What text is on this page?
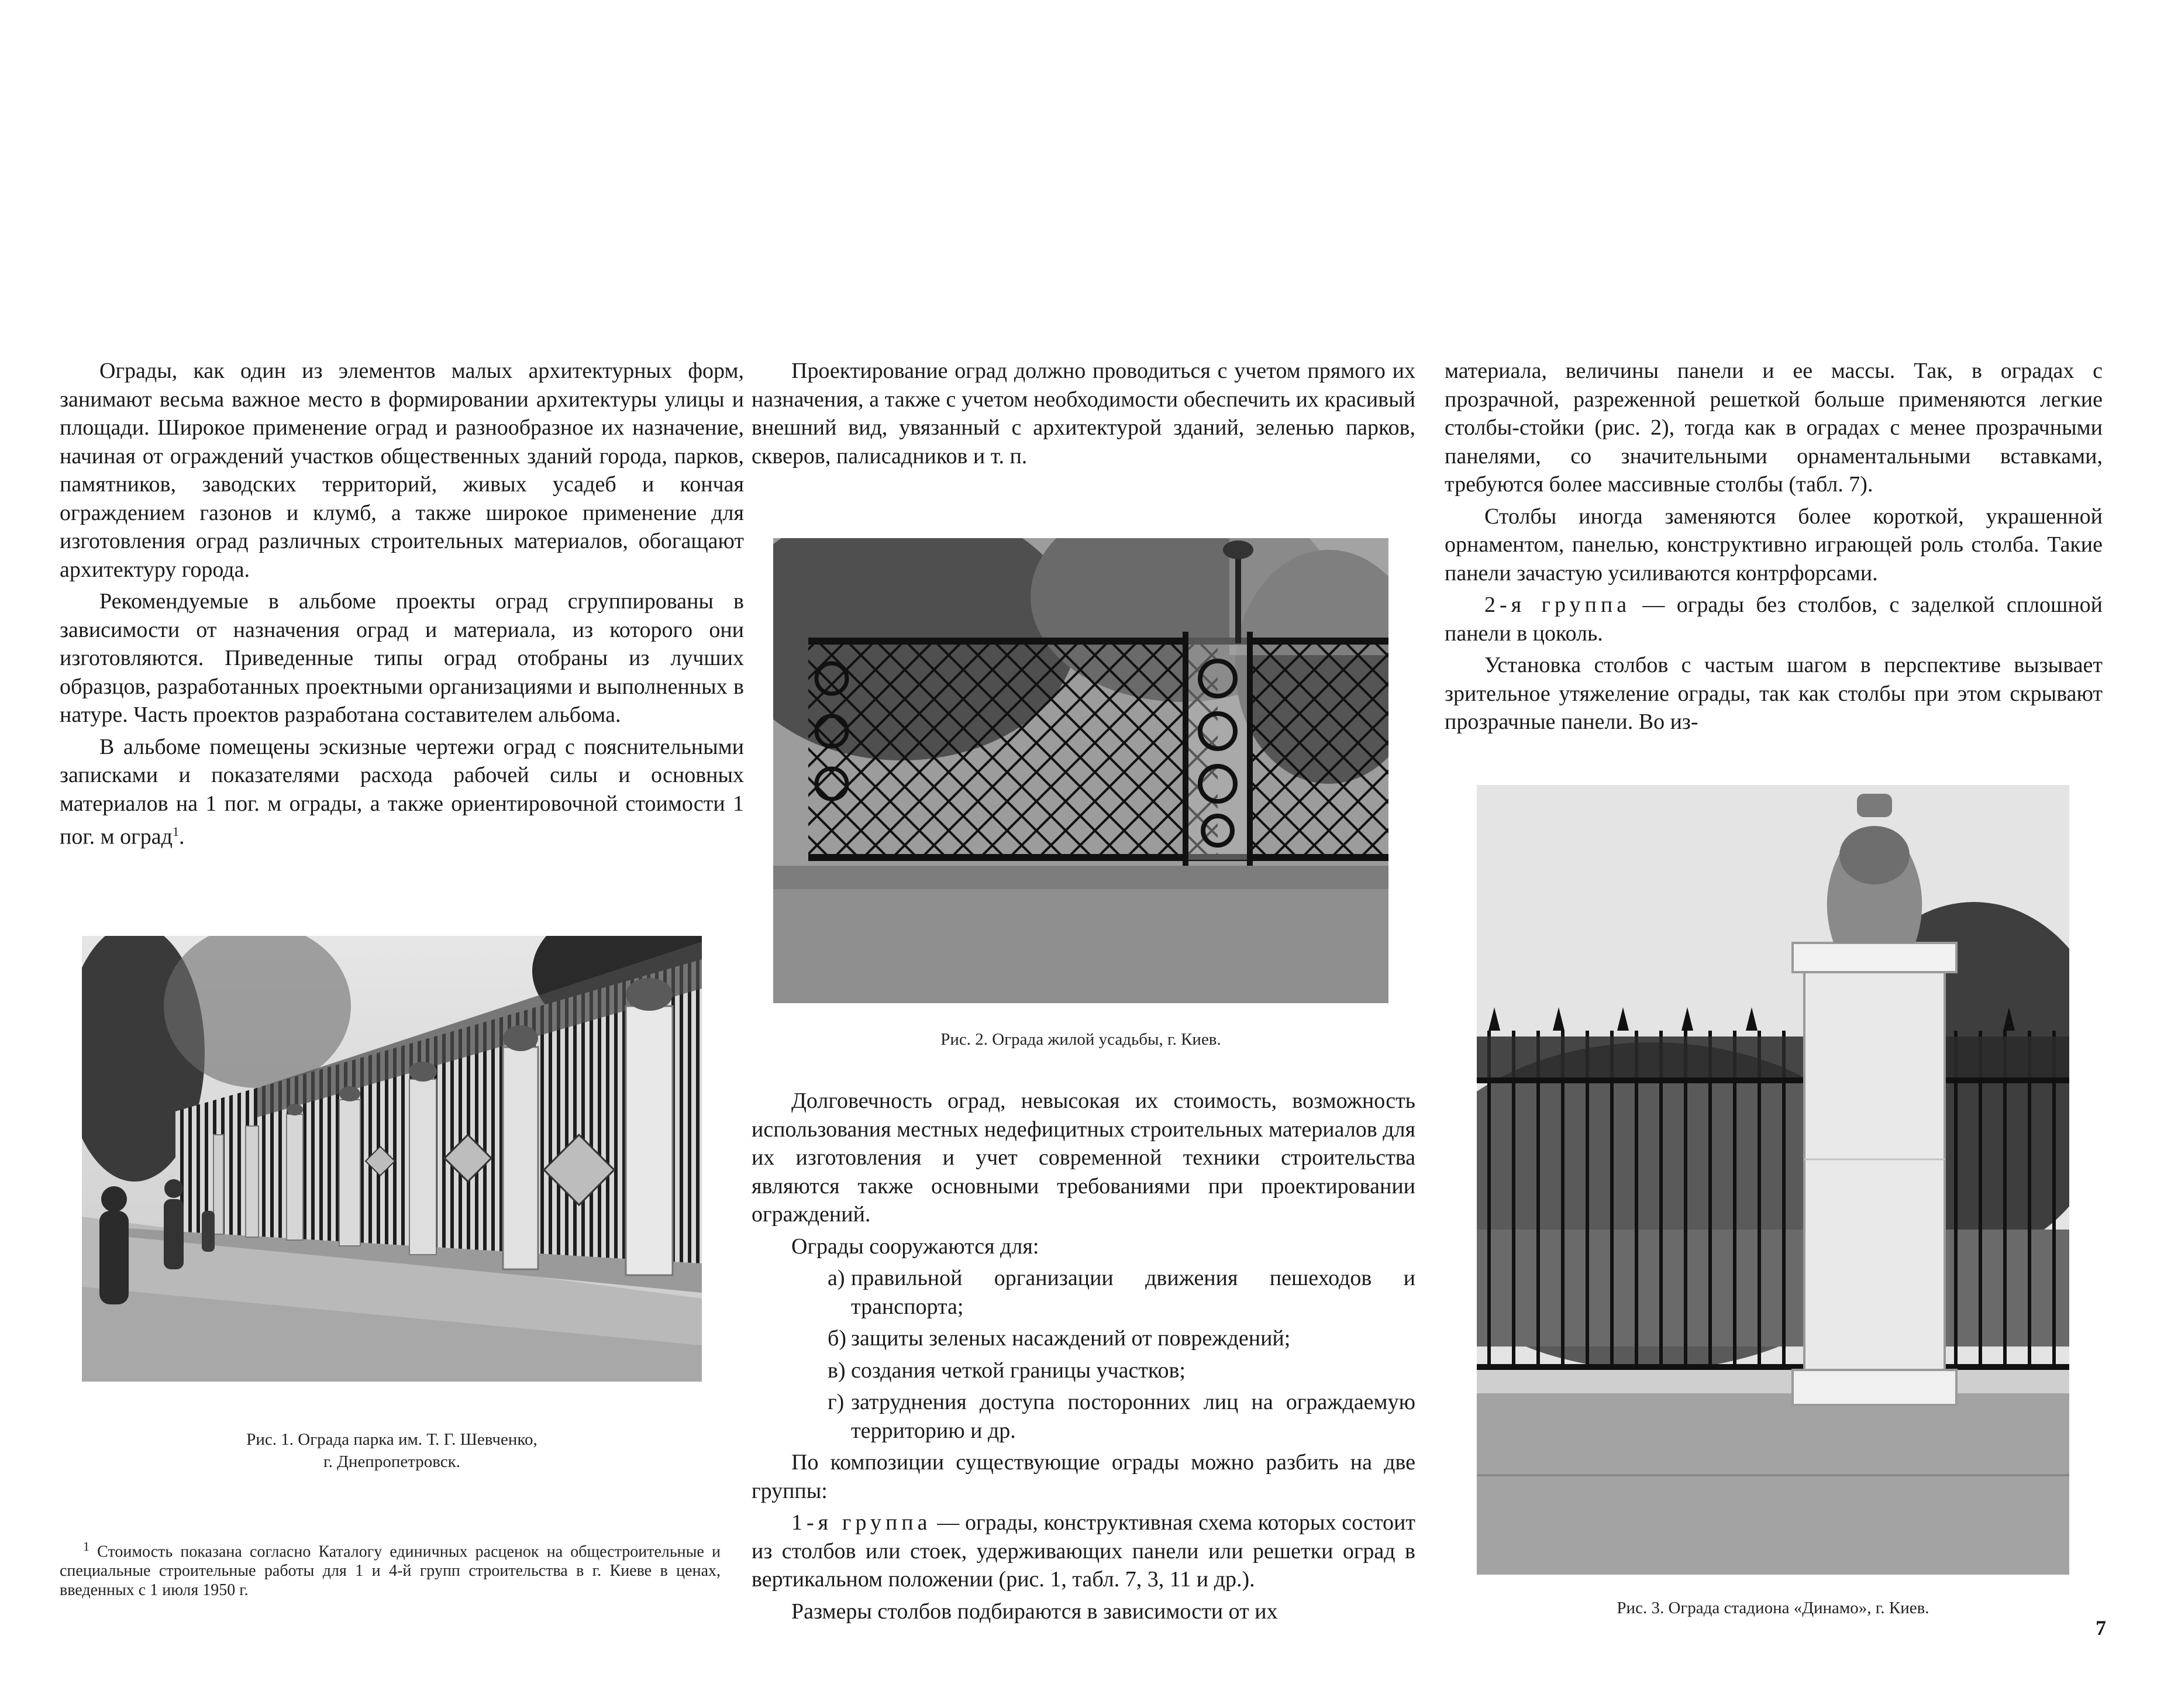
Ограды, как один из элементов малых архитектурных форм, занимают весьма важное место в формировании архитектуры улицы и площади. Широкое применение оград и разнообразное их назначение, начиная от ограждений участков общественных зданий города, парков, памятников, заводских территорий, живых усадеб и кончая ограждением газонов и клумб, а также широкое применение для изготовления оград различных строительных материалов, обогащают архитектуру города.

Рекомендуемые в альбоме проекты оград сгруппированы в зависимости от назначения оград и материала, из которого они изготовляются. Приведенные типы оград отобраны из лучших образцов, разработанных проектными организациями и выполненных в натуре. Часть проектов разработана составителем альбома.

В альбоме помещены эскизные чертежи оград с пояснительными записками и показателями расхода рабочей силы и основных материалов на 1 пог. м ограды, а также ориентировочной стоимости 1 пог. м оград$^1$.

Рис. 1. Ограда парка им. Т. Г. Шевченко,
г. Днепропетровск.
$^1$ Стоимость показана согласно Каталогу единичных расценок на общестроительные и специальные строительные работы для 1 и 4-й групп строительства в г. Киеве в ценах, введенных с 1 июля 1950 г.

Проектирование оград должно проводиться с учетом прямого их назначения, а также с учетом необходимости обеспечить их красивый внешний вид, увязанный с архитектурой зданий, зеленью парков, скверов, палисадников и т. п.

Рис. 2. Ограда жилой усадьбы, г. Киев.

Долговечность оград, невысокая их стоимость, возможность использования местных недефицитных строительных материалов для их изготовления и учет современной техники строительства являются также основными требованиями при проектировании ограждений.

Ограды сооружаются для:

а) правильной организации движения пешеходов и транспорта;

б) защиты зеленых насаждений от повреждений;

в) создания четкой границы участков;

г) затруднения доступа посторонних лиц на ограждаемую территорию и др.

По композиции существующие ограды можно разбить на две группы:

1-я группа — ограды, конструктивная схема которых состоит из столбов или стоек, удерживающих панели или решетки оград в вертикальном положении (рис. 1, табл. 7, 3, 11 и др.).

Размеры столбов подбираются в зависимости от их

материала, величины панели и ее массы. Так, в оградах с прозрачной, разреженной решеткой больше применяются легкие столбы-стойки (рис. 2), тогда как в оградах с менее прозрачными панелями, со значительными орнаментальными вставками, требуются более массивные столбы (табл. 7).

Столбы иногда заменяются более короткой, украшенной орнаментом, панелью, конструктивно играющей роль столба. Такие панели зачастую усиливаются контрфорсами.

2-я группа — ограды без столбов, с заделкой сплошной панели в цоколь.

Установка столбов с частым шагом в перспективе вызывает зрительное утяжеление ограды, так как столбы при этом скрывают прозрачные панели. Во из-

Рис. 3. Ограда стадиона «Динамо», г. Киев.
7
